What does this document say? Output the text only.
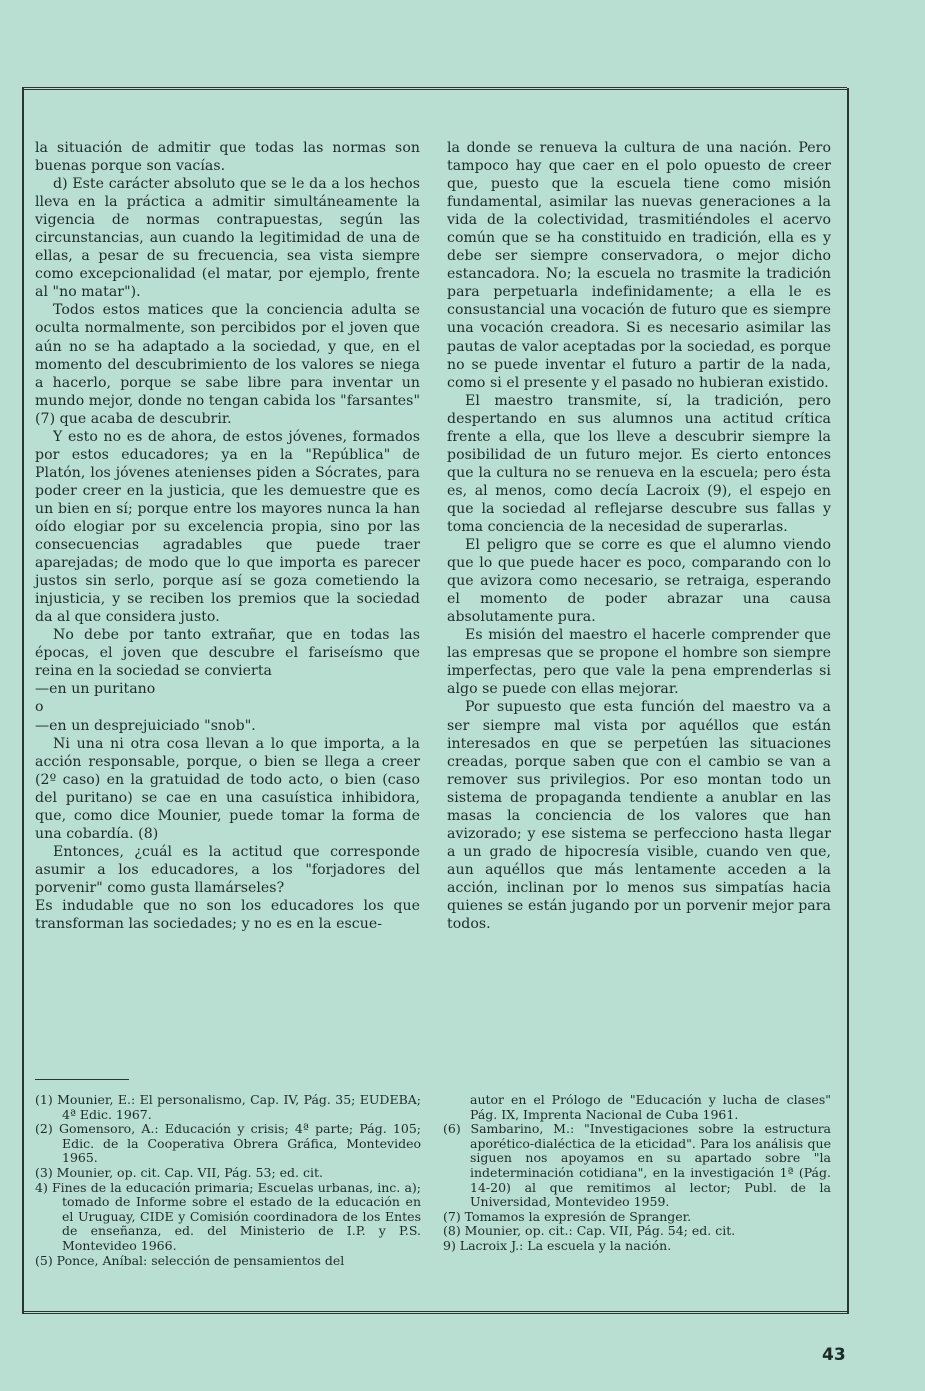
la situación de admitir que todas las normas son buenas porque son vacías.

d) Este carácter absoluto que se le da a los hechos lleva en la práctica a admitir simultáneamente la vigencia de normas contrapuestas, según las circunstancias, aun cuando la legitimidad de una de ellas, a pesar de su frecuencia, sea vista siempre como excepcionalidad (el matar, por ejemplo, frente al "no matar").

Todos estos matices que la conciencia adulta se oculta normalmente, son percibidos por el joven que aún no se ha adaptado a la sociedad, y que, en el momento del descubrimiento de los valores se niega a hacerlo, porque se sabe libre para inventar un mundo mejor, donde no tengan cabida los "farsantes" (7) que acaba de descubrir.

Y esto no es de ahora, de estos jóvenes, formados por estos educadores; ya en la "República" de Platón, los jóvenes atenienses piden a Sócrates, para poder creer en la justicia, que les demuestre que es un bien en sí; porque entre los mayores nunca la han oído elogiar por su excelencia propia, sino por las consecuencias agradables que puede traer aparejadas; de modo que lo que importa es parecer justos sin serlo, porque así se goza cometiendo la injusticia, y se reciben los premios que la sociedad da al que considera justo.

No debe por tanto extrañar, que en todas las épocas, el joven que descubre el fariseísmo que reina en la sociedad se convierta

—en un puritano

o

—en un desprejuiciado "snob".

Ni una ni otra cosa llevan a lo que importa, a la acción responsable, porque, o bien se llega a creer (2º caso) en la gratuidad de todo acto, o bien (caso del puritano) se cae en una casuística inhibidora, que, como dice Mounier, puede tomar la forma de una cobardía. (8)

Entonces, ¿cuál es la actitud que corresponde asumir a los educadores, a los "forjadores del porvenir" como gusta llamárseles?

Es indudable que no son los educadores los que transforman las sociedades; y no es en la escue-

la donde se renueva la cultura de una nación. Pero tampoco hay que caer en el polo opuesto de creer que, puesto que la escuela tiene como misión fundamental, asimilar las nuevas generaciones a la vida de la colectividad, trasmitiéndoles el acervo común que se ha constituido en tradición, ella es y debe ser siempre conservadora, o mejor dicho estancadora. No; la escuela no trasmite la tradición para perpetuarla indefinidamente; a ella le es consustancial una vocación de futuro que es siempre una vocación creadora. Si es necesario asimilar las pautas de valor aceptadas por la sociedad, es porque no se puede inventar el futuro a partir de la nada, como si el presente y el pasado no hubieran existido.

El maestro transmite, sí, la tradición, pero despertando en sus alumnos una actitud crítica frente a ella, que los lleve a descubrir siempre la posibilidad de un futuro mejor. Es cierto entonces que la cultura no se renueva en la escuela; pero ésta es, al menos, como decía Lacroix (9), el espejo en que la sociedad al reflejarse descubre sus fallas y toma conciencia de la necesidad de superarlas.

El peligro que se corre es que el alumno viendo que lo que puede hacer es poco, comparando con lo que avizora como necesario, se retraiga, esperando el momento de poder abrazar una causa absolutamente pura.

Es misión del maestro el hacerle comprender que las empresas que se propone el hombre son siempre imperfectas, pero que vale la pena emprenderlas si algo se puede con ellas mejorar.

Por supuesto que esta función del maestro va a ser siempre mal vista por aquéllos que están interesados en que se perpetúen las situaciones creadas, porque saben que con el cambio se van a remover sus privilegios. Por eso montan todo un sistema de propaganda tendiente a anublar en las masas la conciencia de los valores que han avizorado; y ese sistema se perfecciono hasta llegar a un grado de hipocresía visible, cuando ven que, aun aquéllos que más lentamente acceden a la acción, inclinan por lo menos sus simpatías hacia quienes se están jugando por un porvenir mejor para todos.

(1) Mounier, E.: El personalismo, Cap. IV, Pág. 35; EUDEBA; 4ª Edic. 1967.
(2) Gomensoro, A.: Educación y crisis; 4ª parte; Pág. 105; Edic. de la Cooperativa Obrera Gráfica, Montevideo 1965.
(3) Mounier, op. cit. Cap. VII, Pág. 53; ed. cit.
4) Fines de la educación primaria; Escuelas urbanas, inc. a); tomado de Informe sobre el estado de la educación en el Uruguay, CIDE y Comisión coordinadora de los Entes de enseñanza, ed. del Ministerio de I.P. y P.S. Montevideo 1966.
(5) Ponce, Aníbal: selección de pensamientos del
autor en el Prólogo de "Educación y lucha de clases" Pág. IX, Imprenta Nacional de Cuba 1961.
(6) Sambarino, M.: "Investigaciones sobre la estructura aporético-dialéctica de la eticidad". Para los análisis que siguen nos apoyamos en su apartado sobre "la indeterminación cotidiana", en la investigación 1ª (Pág. 14-20) al que remitimos al lector; Publ. de la Universidad, Montevideo 1959.
(7) Tomamos la expresión de Spranger.
(8) Mounier, op. cit.: Cap. VII, Pág. 54; ed. cit.
9) Lacroix J.: La escuela y la nación.
43
